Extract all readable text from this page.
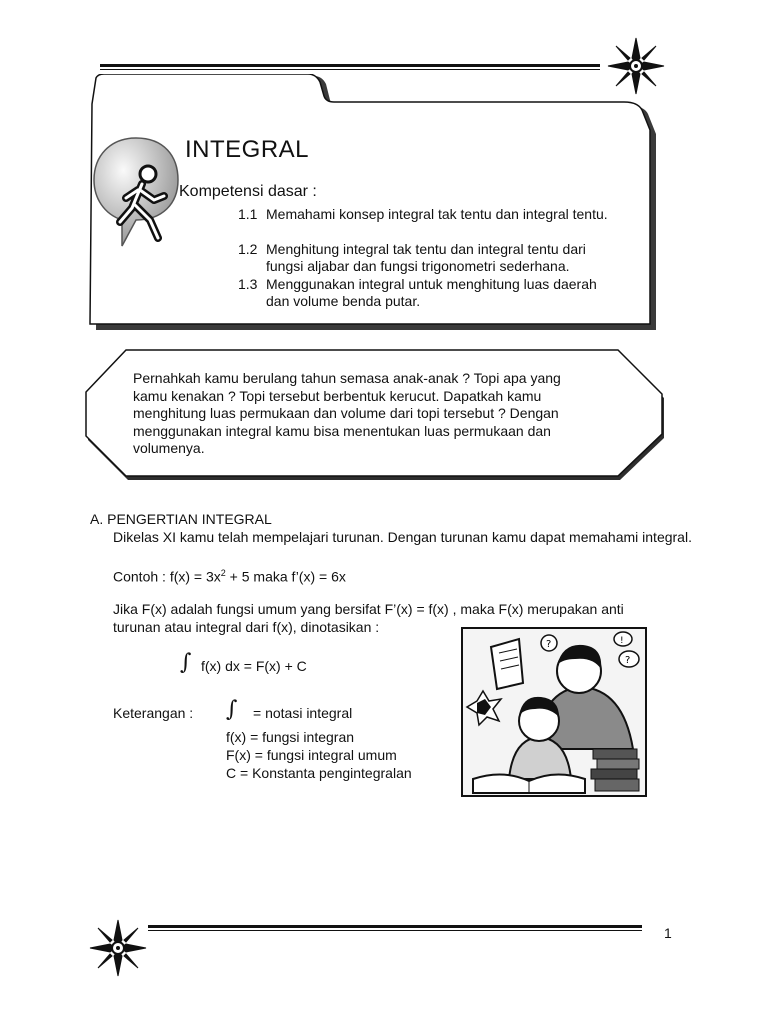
INTEGRAL
Kompetensi dasar :
1.1 Memahami konsep integral tak tentu dan integral tentu.
1.2 Menghitung integral tak tentu dan integral tentu dari fungsi aljabar dan fungsi trigonometri sederhana.
1.3 Menggunakan integral untuk menghitung luas daerah dan volume benda putar.
Pernahkah kamu berulang tahun semasa anak-anak ? Topi apa yang kamu kenakan ? Topi tersebut berbentuk kerucut. Dapatkah kamu menghitung luas permukaan dan volume dari topi tersebut ? Dengan menggunakan integral kamu bisa menentukan luas permukaan dan volumenya.
A. PENGERTIAN INTEGRAL
Dikelas XI kamu telah mempelajari turunan. Dengan turunan kamu dapat memahami integral.
Contoh : $f(x) = 3x^2 + 5$ maka f’(x) = 6x
Jika F(x) adalah fungsi umum yang bersifat F’(x) = f(x) , maka F(x) merupakan anti turunan atau integral dari f(x), dinotasikan :
∫ f(x) dx = F(x) + C
Keterangan : ∫ = notasi integral
f(x) = fungsi integran
F(x) = fungsi integral umum
C = Konstanta pengintegralan
?
?
!
1
